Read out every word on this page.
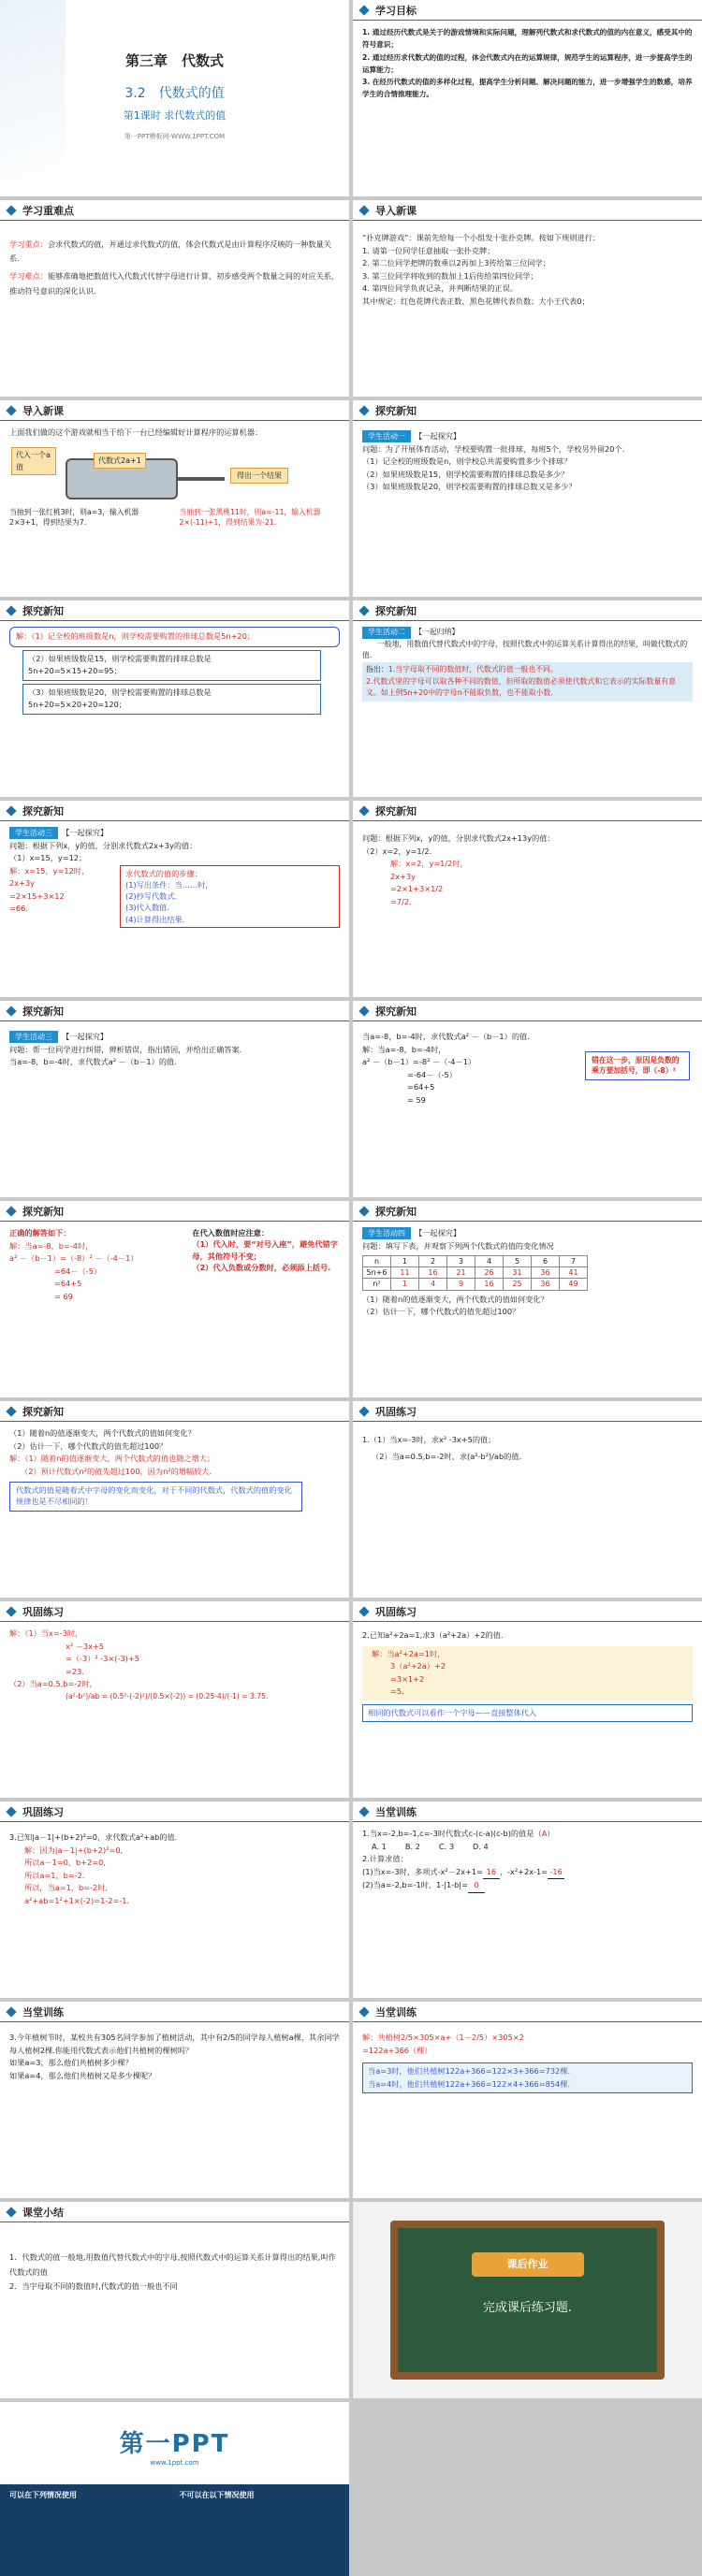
第三章　代数式
3.2　代数式的值
第1课时 求代数式的值
第一PPT模板网-WWW.1PPT.COM
学习目标
1. 通过经历代数式是关于的游戏情境和实际问题，理解列代数式和求代数式的值的内在意义，感受其中的符号意识；
2. 通过经历求代数式的值的过程，体会代数式内在的运算规律，规范学生的运算程序，进一步提高学生的运算能力；
3. 在经历代数式的值的多样化过程，提高学生分析问题、解决问题的能力，进一步增强学生的数感，培养学生的合情推理能力。
学习重难点
学习重点：会求代数式的值，并通过求代数式的值，体会代数式是由计算程序反映的一种数量关系.
学习难点：能够准确地把数值代入代数式代替字母进行计算，初步感受两个数量之间的对应关系，推动符号意识的深化认识.
导入新课
“扑克牌游戏”：课前先给每一个小组发十张扑克牌。按如下规则进行：
1. 请第一位同学任意抽取一张扑克牌；
2. 第二位同学把牌的数乘以2再加上3传给第三位同学；
3. 第三位同学将收到的数加上1后传给第四位同学；
4. 第四位同学负责记录，并判断结果的正误。
其中规定：红色花牌代表正数，黑色花牌代表负数；大小王代表0；
导入新课
上面我们做的这个游戏就相当于给下一台已经编辑好计算程序的运算机器：
代入一个a值
代数式2a+1
得出一个结果
当抽到一张红桃3时，则a=3，输入机器2×3+1，得到结果为7.
当抽到一张黑桃11时，则a=-11，输入机器2×(-11)+1，得到结果为-21.
探究新知
学生活动一 【一起探究】
问题：为了开展体育活动，学校要购置一批排球，每班5个，学校另外留20个.
（1）记全校的班级数是n，则学校总共需要购置多少个排球？
（2）如果班级数是15，则学校需要购置的排球总数是多少？
（3）如果班级数是20，则学校需要购置的排球总数又是多少？
探究新知
解：（1）记全校的班级数是n，则学校需要购置的排球总数是5n+20；
（2）如果班级数是15，则学校需要购置的排球总数是
5n+20=5×15+20=95；
（3）如果班级数是20，则学校需要购置的排球总数是
5n+20=5×20+20=120；
探究新知
学生活动二 【一起归纳】
一般地，用数值代替代数式中的字母，按照代数式中的运算关系计算得出的结果，叫做代数式的值.
指出：1.当字母取不同的数值时，代数式的值一般也不同。
2.代数式里的字母可以取各种不同的数值，但所取的数值必须使代数式和它表示的实际数量有意义。如上例5n+20中的字母n不能取负数，也不能取小数.
探究新知
学生活动三 【一起探究】
问题：根据下列x，y的值，分别求代数式2x+3y的值：
（1）x=15，y=12；
解：x=15，y=12时，
2x+3y
=2×15+3×12
=66.
求代数式的值的步骤：
(1)写出条件：当……时，
(2)抄写代数式.
(3)代入数值.
(4)计算得出结果.
探究新知
问题：根据下列x，y的值，分别求代数式2x+13y的值：
（2）x=2，y=1/2.
解：x=2，y=1/2时，
2x+3y
=2×1+3×1/2
=7/2.
探究新知
学生活动三 【一起探究】
问题：帮一位同学进行纠错，辨析错误，指出错因，并给出正确答案.
当a=-8，b=-4时，求代数式a² －（b－1）的值.
探究新知
当a=-8，b=-4时，求代数式a² －（b－1）的值.
解：当a=-8，b=-4时，
a² －（b－1）=-8² －（-4－1）
=-64－（-5）
=64+5
= 59
错在这一步，原因是负数的乘方要加括号，即（-8）²
探究新知
正确的解答如下：
解：当a=-8，b=-4时，
a² －（b－1）=（-8）² －（-4－1）
=64－（-5）
=64+5
= 69
在代入数值时应注意：
（1）代入时，要“对号入座”，避免代错字母，其他符号不变；
（2）代入负数或分数时，必须添上括号.
探究新知
学生活动四 【一起探究】
问题：填写下表，并观察下列两个代数式的值的变化情况
n	1	2	3	4	5	6	7
5n+6	11	16	21	26	31	36	41
n²	1	4	9	16	25	36	49
（1）随着n的值逐渐变大，两个代数式的值如何变化？
（2）估计一下，哪个代数式的值先超过100？
探究新知
（1）随着n的值逐渐变大，两个代数式的值如何变化？
（2）估计一下，哪个代数式的值先超过100？
解：（1）随着n的值逐渐变大，两个代数式的值也随之增大；
（2）预计代数式n²的值先超过100，因为n²的增幅较大.
代数式的值是随着式中字母的变化而变化，对于不同的代数式，代数式的值的变化规律也是不尽相同的！
巩固练习
1.（1）当x=-3时，求x² -3x+5的值；
（2）当a=0.5,b=-2时，求(a²-b²)/ab的值.
巩固练习
解：（1）当x=-3时，
x² －3x+5
=（-3）² -3×(-3)+5
=23.
（2）当a=0.5,b=-2时，
(a²-b²)/ab = (0.5²-(-2)²)/(0.5×(-2)) = (0.25-4)/(-1) = 3.75.
巩固练习
2.已知a²+2a=1,求3（a²+2a）+2的值.
解：当a²+2a=1时，
3（a²+2a）+2
=3×1+2
=5.
相同的代数式可以看作一个字母——直接整体代入
巩固练习
3.已知|a－1|+(b+2)²=0，求代数式a²+ab的值.
解：因为|a－1|+(b+2)²=0,
所以a－1=0，b+2=0,
所以a=1，b=-2.
所以，当a=1，b=-2时,
a²+ab=1²+1×(-2)=1-2=-1.
当堂训练
1.当x=-2,b=-1,c=-3时代数式c-(c-a)(c-b)的值是（A）
A. 1 B. 2 C. 3 D. 4
2.计算求值：
(1)当x=-3时，多项式-x²－2x+1= 16 ，-x²+2x-1= -16
(2)当a=-2,b=-1时，1-|1-b|= 0
当堂训练
3.今年植树节时，某校共有305名同学参加了植树活动，其中有2/5的同学每人植树a棵，其余同学每人植树2棵.你能用代数式表示他们共植树的棵树吗？
如果a=3，那么他们共植树多少棵？
如果a=4，那么他们共植树又是多少棵呢？
当堂训练
解：共植树2/5×305×a+（1－2/5）×305×2
=122a+366（棵）
当a=3时，他们共植树122a+366=122×3+366=732棵.
当a=4时，他们共植树122a+366=122×4+366=854棵.
课堂小结
1．代数式的值一般地,用数值代替代数式中的字母,按照代数式中的运算关系计算得出的结果,叫作代数式的值
2．当字母取不同的数值时,代数式的值一般也不同
课后作业
完成课后练习题.
第一PPT
www.1ppt.com
可以在下列情况使用	不可以在以下情况使用
